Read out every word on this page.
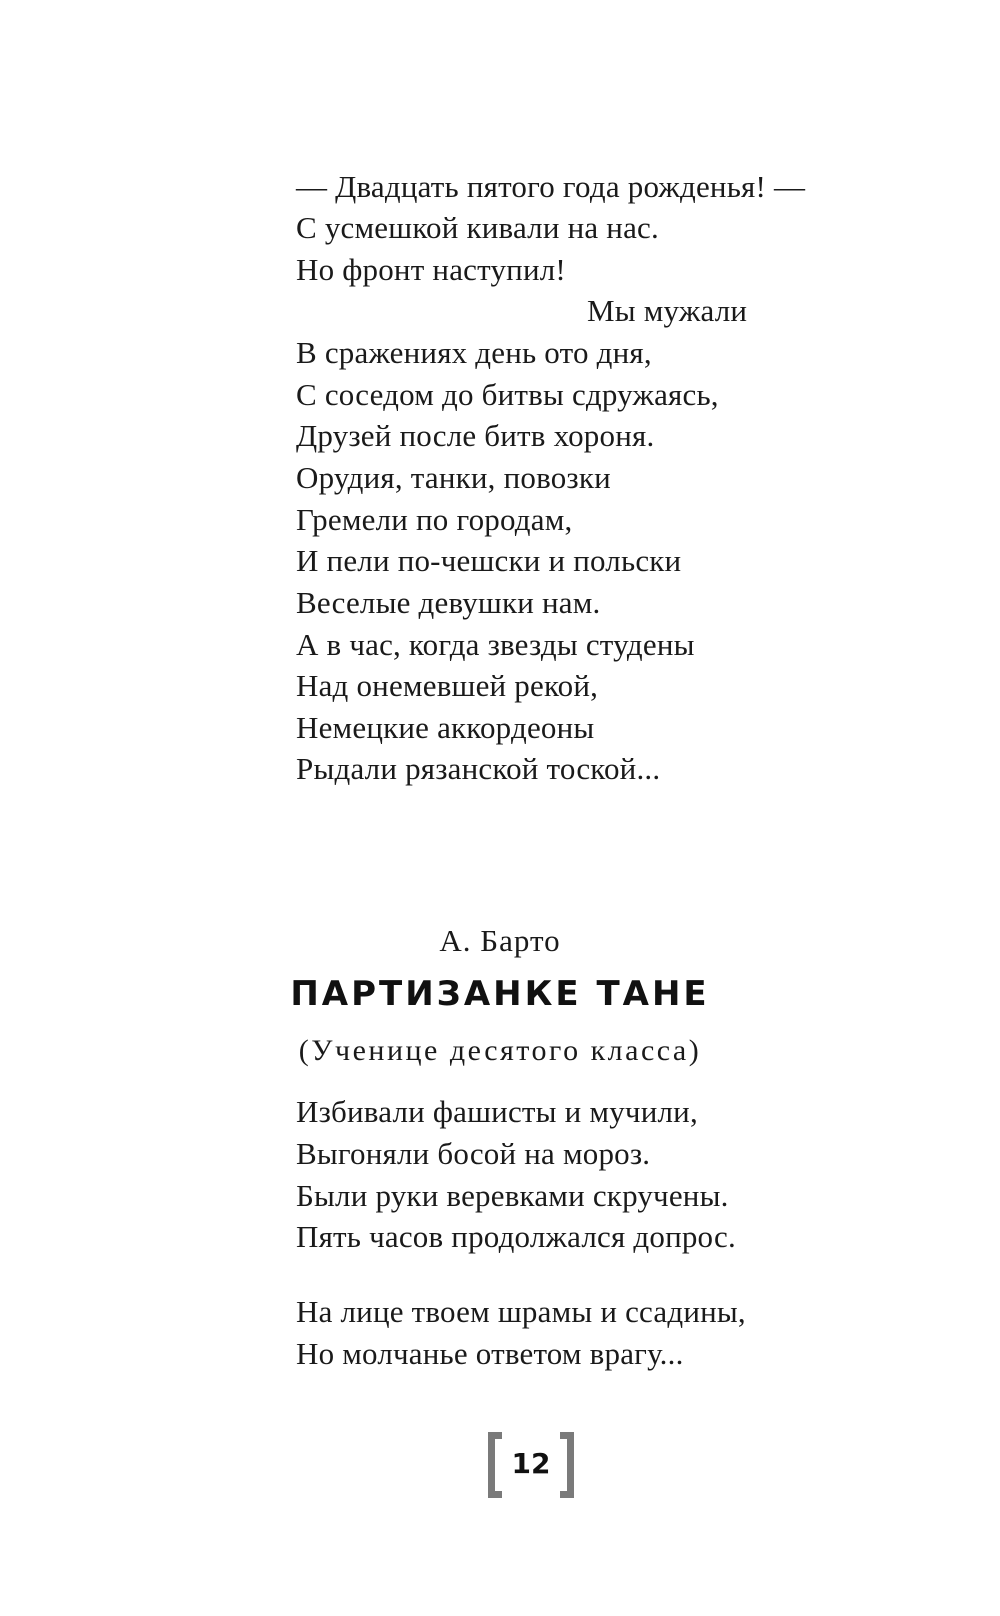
— Двадцать пятого года рожденья! —
С усмешкой кивали на нас.
Но фронт наступил!
Мы мужали
В сражениях день ото дня,
С соседом до битвы сдружаясь,
Друзей после битв хороня.
Орудия, танки, повозки
Гремели по городам,
И пели по-чешски и польски
Веселые девушки нам.
А в час, когда звезды студены
Над онемевшей рекой,
Немецкие аккордеоны
Рыдали рязанской тоской...
А. Барто
ПАРТИЗАНКЕ ТАНЕ
(Ученице десятого класса)
Избивали фашисты и мучили,
Выгоняли босой на мороз.
Были руки веревками скручены.
Пять часов продолжался допрос.
На лице твоем шрамы и ссадины,
Но молчанье ответом врагу...
12
